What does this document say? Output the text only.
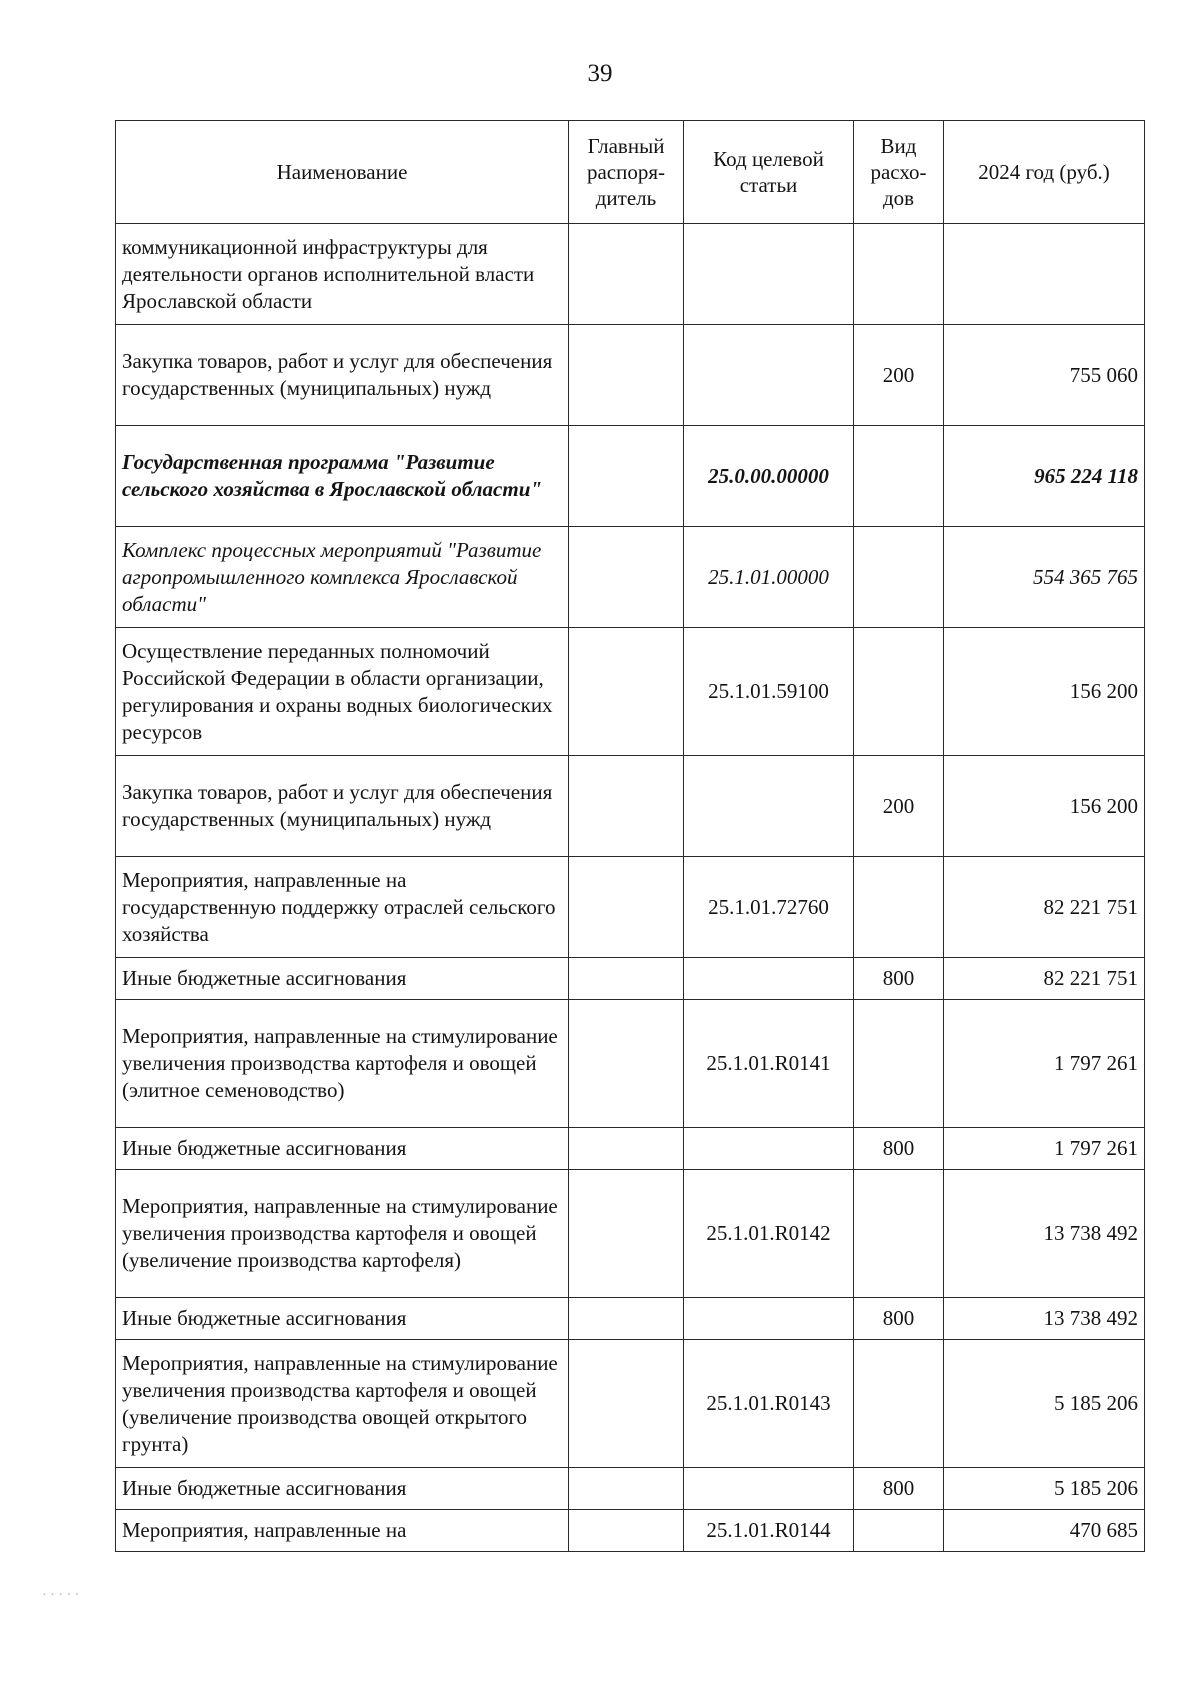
39
Наименование	Главный распоря-дитель	Код целевой статьи	Вид расхо-дов	2024 год (руб.)
коммуникационной инфраструктуры для деятельности органов исполнительной власти Ярославской области				
Закупка товаров, работ и услуг для обеспечения государственных (муниципальных) нужд			200	755 060
Государственная программа "Развитие сельского хозяйства в Ярославской области"		25.0.00.00000		965 224 118
Комплекс процессных мероприятий "Развитие агропромышленного комплекса Ярославской области"		25.1.01.00000		554 365 765
Осуществление переданных полномочий Российской Федерации в области организации, регулирования и охраны водных биологических ресурсов		25.1.01.59100		156 200
Закупка товаров, работ и услуг для обеспечения государственных (муниципальных) нужд			200	156 200
Мероприятия, направленные на государственную поддержку отраслей сельского хозяйства		25.1.01.72760		82 221 751
Иные бюджетные ассигнования			800	82 221 751
Мероприятия, направленные на стимулирование увеличения производства картофеля и овощей (элитное семеноводство)		25.1.01.R0141		1 797 261
Иные бюджетные ассигнования			800	1 797 261
Мероприятия, направленные на стимулирование увеличения производства картофеля и овощей (увеличение производства картофеля)		25.1.01.R0142		13 738 492
Иные бюджетные ассигнования			800	13 738 492
Мероприятия, направленные на стимулирование увеличения производства картофеля и овощей (увеличение производства овощей открытого грунта)		25.1.01.R0143		5 185 206
Иные бюджетные ассигнования			800	5 185 206
Мероприятия, направленные на		25.1.01.R0144		470 685
· · · · ·
